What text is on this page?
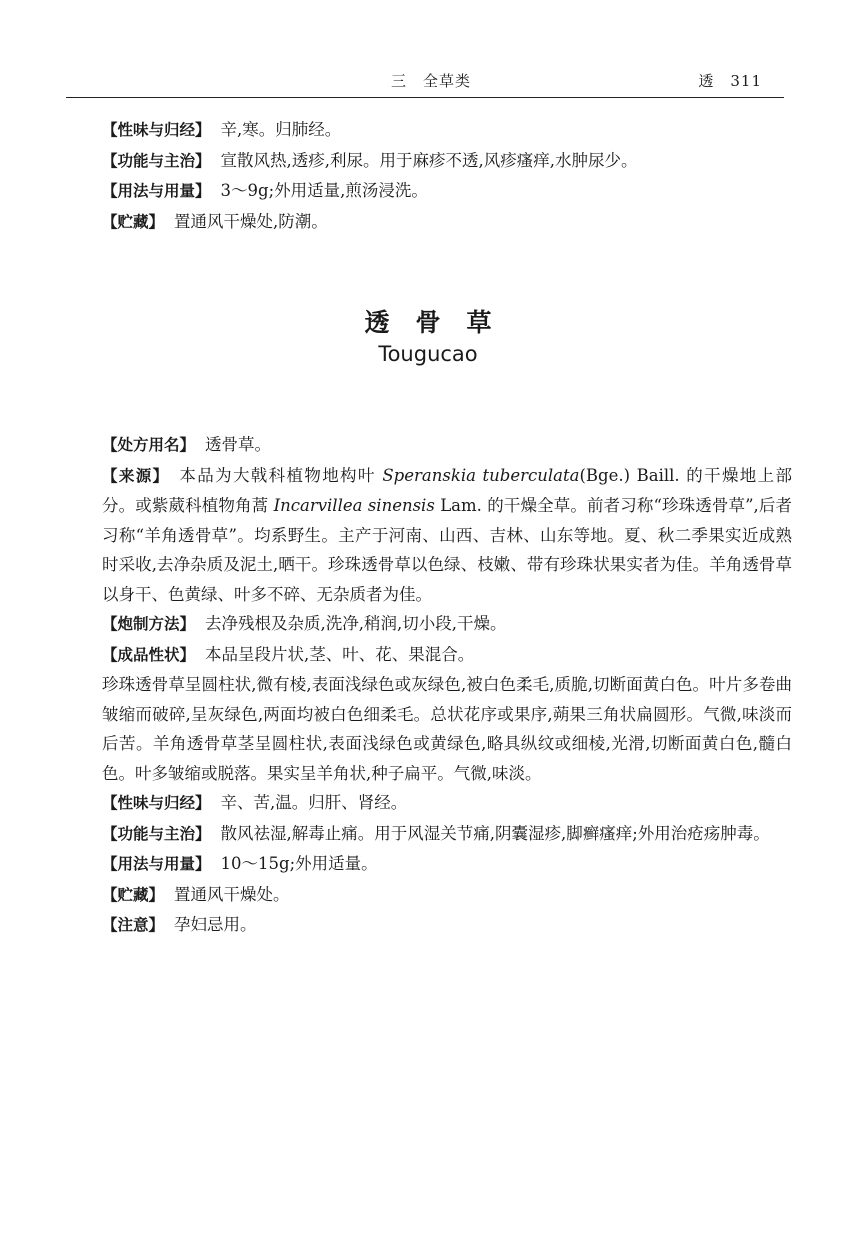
三　全草类	透　311

【性味与归经】 辛,寒。归肺经。

【功能与主治】 宣散风热,透疹,利尿。用于麻疹不透,风疹瘙痒,水肿尿少。

【用法与用量】 3～9g;外用适量,煎汤浸洗。

【贮藏】 置通风干燥处,防潮。

透骨草
Tougucao

【处方用名】 透骨草。

【来源】 本品为大戟科植物地构叶 Speranskia tuberculata(Bge.) Baill. 的干燥地上部分。或紫葳科植物角蒿 Incarvillea sinensis Lam. 的干燥全草。前者习称“珍珠透骨草”,后者习称“羊角透骨草”。均系野生。主产于河南、山西、吉林、山东等地。夏、秋二季果实近成熟时采收,去净杂质及泥土,晒干。珍珠透骨草以色绿、枝嫩、带有珍珠状果实者为佳。羊角透骨草以身干、色黄绿、叶多不碎、无杂质者为佳。

【炮制方法】 去净残根及杂质,洗净,稍润,切小段,干燥。

【成品性状】 本品呈段片状,茎、叶、花、果混合。

珍珠透骨草呈圆柱状,微有棱,表面浅绿色或灰绿色,被白色柔毛,质脆,切断面黄白色。叶片多卷曲皱缩而破碎,呈灰绿色,两面均被白色细柔毛。总状花序或果序,蒴果三角状扁圆形。气微,味淡而后苦。羊角透骨草茎呈圆柱状,表面浅绿色或黄绿色,略具纵纹或细棱,光滑,切断面黄白色,髓白色。叶多皱缩或脱落。果实呈羊角状,种子扁平。气微,味淡。

【性味与归经】 辛、苦,温。归肝、肾经。

【功能与主治】 散风祛湿,解毒止痛。用于风湿关节痛,阴囊湿疹,脚癣瘙痒;外用治疮疡肿毒。

【用法与用量】 10～15g;外用适量。

【贮藏】 置通风干燥处。

【注意】 孕妇忌用。
